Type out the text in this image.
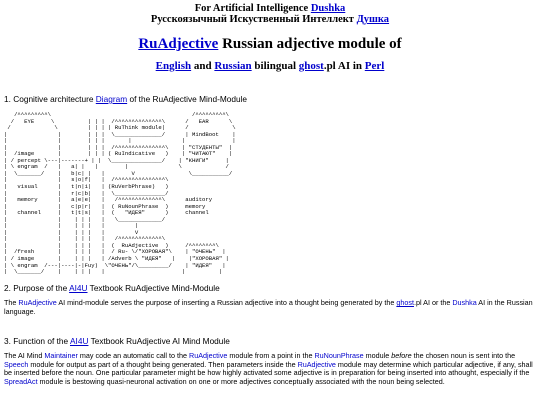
For Artificial Intelligence Dushka
Русскоязычный Искуственный Интеллект Душка
RuAdjective Russian adjective module of
English and Russian bilingual ghost.pl AI in Perl
1. Cognitive architecture Diagram of the RuAdjective Mind-Module
/^^^^^^^^^\                                          /^^^^^^^^^\
/   EYE     \          | | |  /^^^^^^^^^^^^^^\      /   EAR      \
/             \         | | | | RuThink module|      /             \
|               |        | | |  \______________/      | MindBoot    |
|               |        | | |       |               |              |
|               |        | | |  /^^^^^^^^^^^^^^^\    | "СТУДЕНТЫ"  |
|  /image       |        | | | ( RuIndicative   )    | "ЧИТАЮТ"    |
| / percept \---|-------+ | |  \_______________/    | "КНИГИ"     |
| \ engram  /   |   a| |   |        |               \             /
|  \_______/    |   b|c| |   |        V                \___________/
|               |   s|o|f|   |  /^^^^^^^^^^^^^^^\
|   visual      |   t|n|i|   | (RuVerbPhrase)   )
|               |   r|c|b|   |  \_______________/
|   memory      |   a|e|e|   |   /^^^^^^^^^^^^^\      auditory
|               |   c|p|r|   |  ( RuNounPhrase  )     memory
|   channel     |   t|t|s|   |  (   "ИДЕЯ"      )     channel
|               |    | | |   |   \_____________/
|               |    | | |   |         |
|               |    | | |   |         V
|               |    | | |   |   /^^^^^^^^^^^^^\
|               |    | | |   |  (  RuAdjective  )     /^^^^^^^^\
|  /fresh       |    | | |   |  / Ru- \/"ХОРОВАЯ"\    | "ОЧЕНЬ"  |
| / image       |    | | |   | /Adverb \ "ИДЕЯ"   |    |"ХОРОВАЯ" |
| \ engram  /---|----|-|Fuy)  \"ОЧЕНЬ"/\_________/    | "ИДЕЯ"   |
|  \_______/    |    | | |   |                       |          |
2. Purpose of the AI4U Textbook RuAdjective Mind-Module
The RuAdjective AI mind-module serves the purpose of inserting a Russian adjective into a thought being generated by the ghost.pl AI or the Dushka AI in the Russian language.
3. Function of the AI4U Textbook RuAdjective AI Mind Module
The AI Mind Maintainer may code an automatic call to the RuAdjective module from a point in the RuNounPhrase module before the chosen noun is sent into the Speech module for output as part of a thought being generated. Then parameters inside the RuAdjective module may determine which particular adjective, if any, shall be inserted before the noun. One particular parameter might be how highly activated some adjective is in preparation for being inserted into athought, especially if the SpreadAct module is bestowing quasi-neuronal activation on one or more adjectives conceptually associated with the noun being selected.
